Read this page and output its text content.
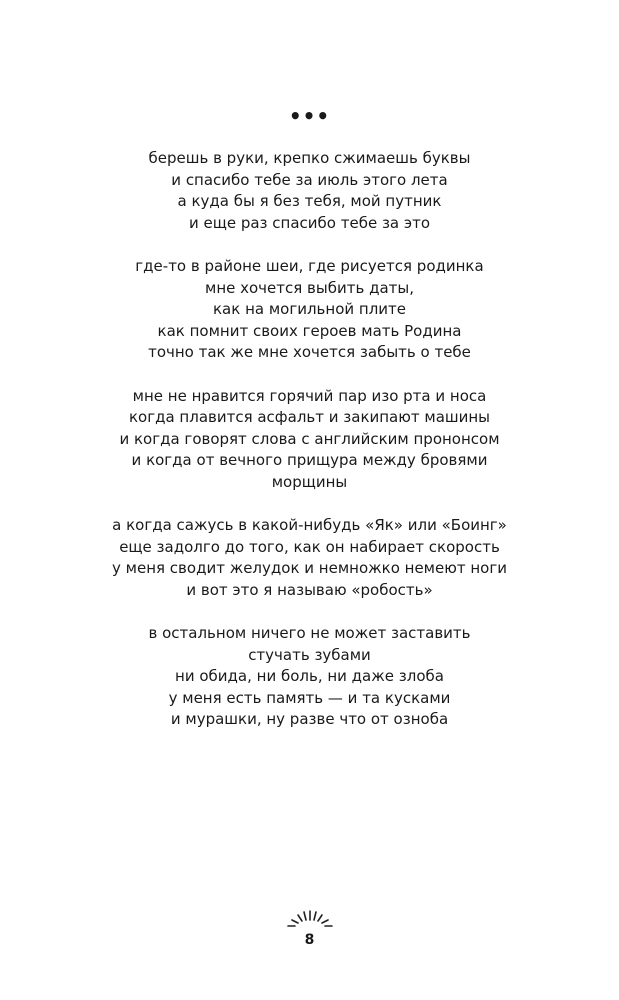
•••
берешь в руки, крепко сжимаешь буквы
и спасибо тебе за июль этого лета
а куда бы я без тебя, мой путник
и еще раз спасибо тебе за это
где-то в районе шеи, где рисуется родинка
мне хочется выбить даты,
как на могильной плите
как помнит своих героев мать Родина
точно так же мне хочется забыть о тебе
мне не нравится горячий пар изо рта и носа
когда плавится асфальт и закипают машины
и когда говорят слова с английским прононсом
и когда от вечного прищура между бровями
морщины
а когда сажусь в какой-нибудь «Як» или «Боинг»
еще задолго до того, как он набирает скорость
у меня сводит желудок и немножко немеют ноги
и вот это я называю «робость»
в остальном ничего не может заставить
стучать зубами
ни обида, ни боль, ни даже злоба
у меня есть память — и та кусками
и мурашки, ну разве что от озноба
8
